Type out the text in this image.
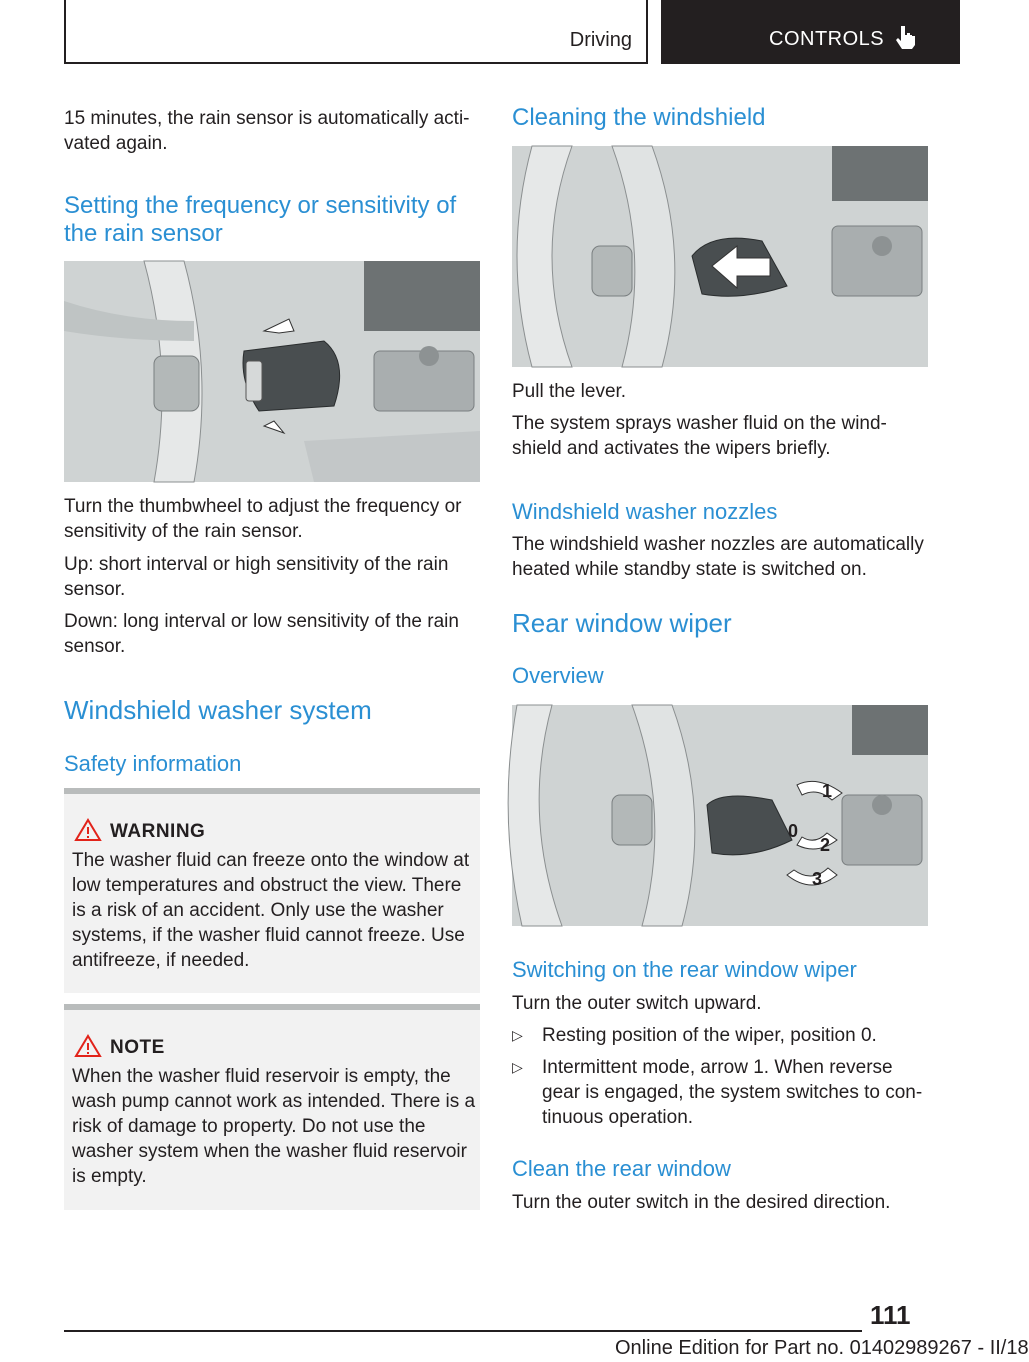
Driving	CONTROLS

15 minutes, the rain sensor is automatically acti‐
vated again.

Setting the frequency or sensitivity of the rain sensor

Turn the thumbwheel to adjust the frequency or sensitivity of the rain sensor.

Up: short interval or high sensitivity of the rain sensor.

Down: long interval or low sensitivity of the rain sensor.

Windshield washer system

Safety information

WARNING
The washer fluid can freeze onto the window at low temperatures and obstruct the view. There is a risk of an accident. Only use the washer systems, if the washer fluid cannot freeze. Use antifreeze, if needed.
NOTE
When the washer fluid reservoir is empty, the wash pump cannot work as intended. There is a risk of damage to property. Do not use the washer system when the washer fluid reservoir is empty.

Cleaning the windshield

Pull the lever.

The system sprays washer fluid on the wind‐
shield and activates the wipers briefly.

Windshield washer nozzles

The windshield washer nozzles are automatically heated while standby state is switched on.

Rear window wiper

Overview

1
0
2
3

Switching on the rear window wiper

Turn the outer switch upward.

▷ Resting position of the wiper, position 0.
▷ Intermittent mode, arrow 1. When reverse gear is engaged, the system switches to con‐
tinuous operation.

Clean the rear window

Turn the outer switch in the desired direction.

111
Online Edition for Part no. 01402989267 - II/18
